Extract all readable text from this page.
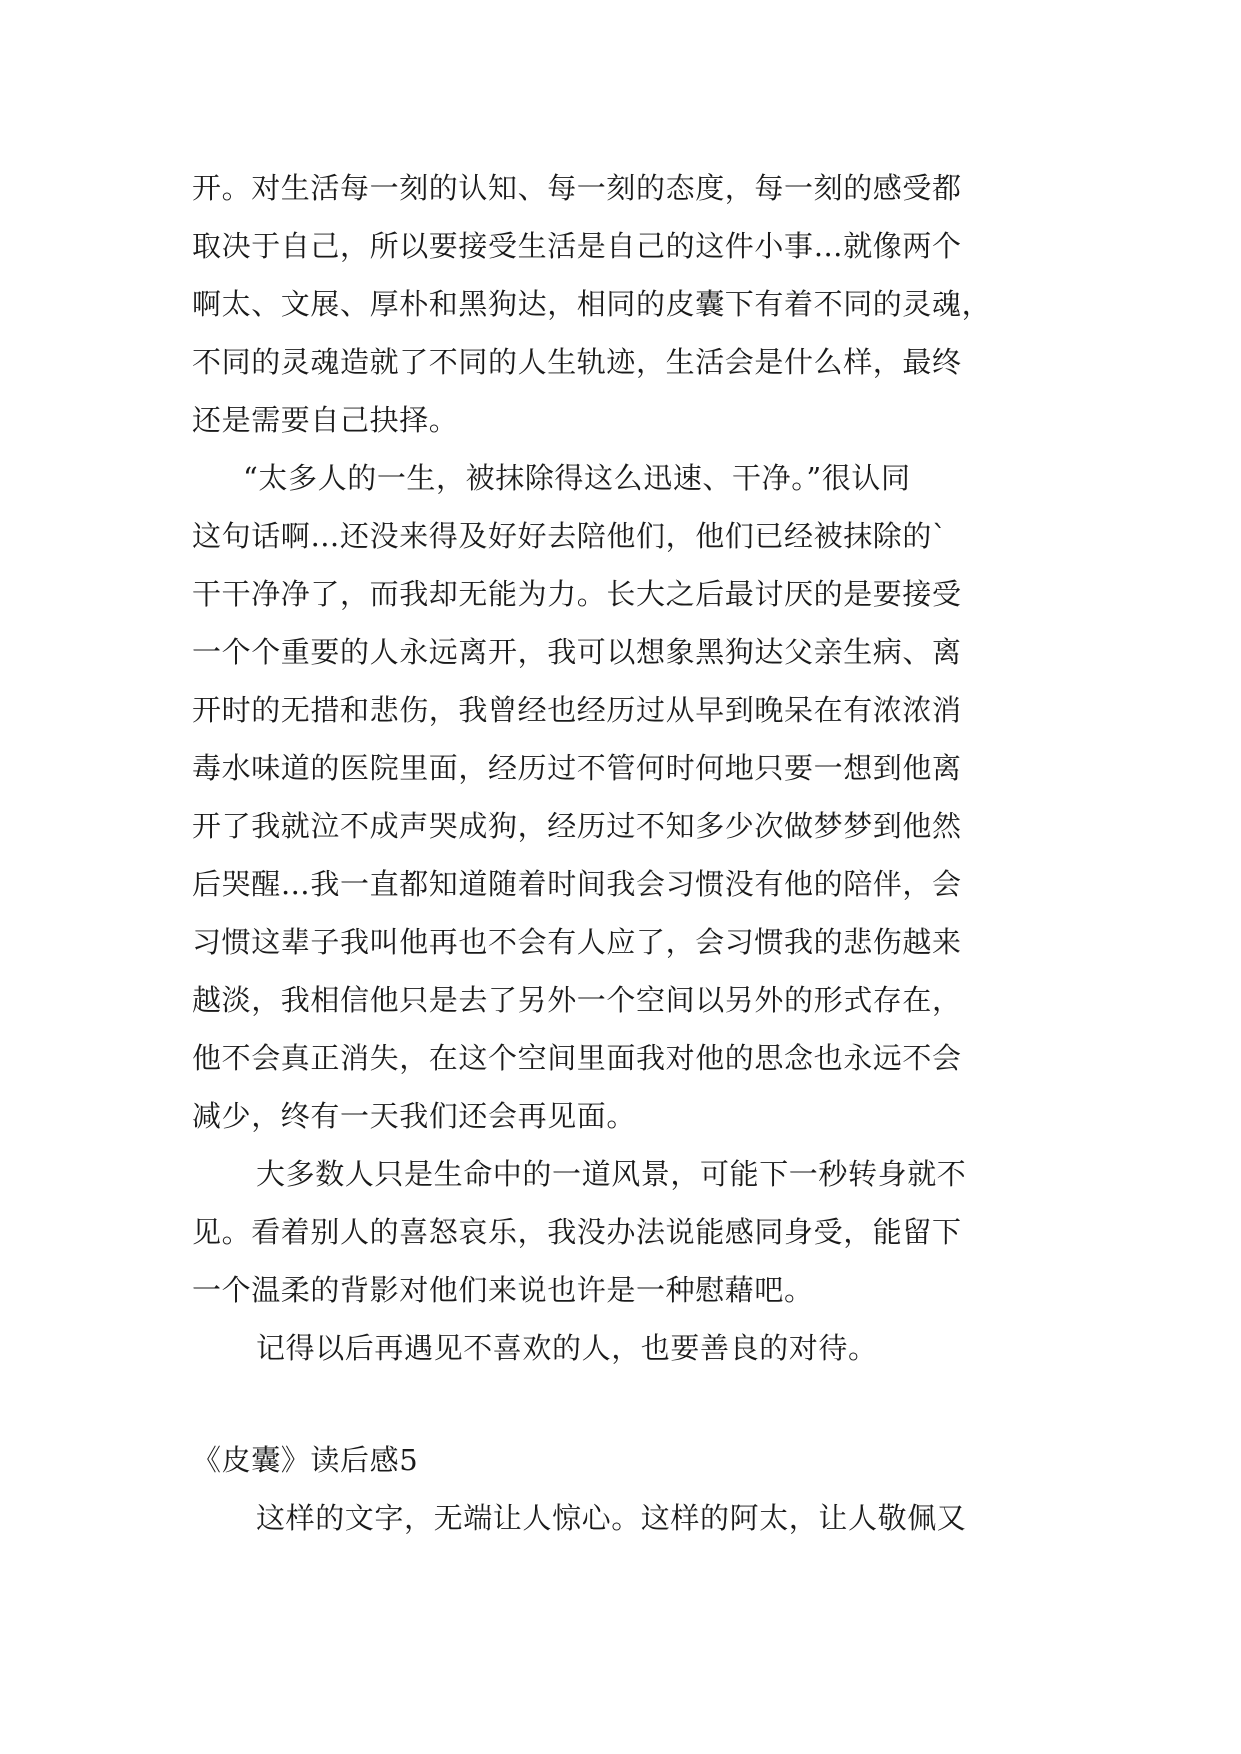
开。对生活每一刻的认知、每一刻的态度，每一刻的感受都
取决于自己，所以要接受生活是自己的这件小事…就像两个
啊太、文展、厚朴和黑狗达，相同的皮囊下有着不同的灵魂，
不同的灵魂造就了不同的人生轨迹，生活会是什么样，最终
还是需要自己抉择。
“太多人的一生，被抹除得这么迅速、干净。”很认同
这句话啊…还没来得及好好去陪他们，他们已经被抹除的`
干干净净了，而我却无能为力。长大之后最讨厌的是要接受
一个个重要的人永远离开，我可以想象黑狗达父亲生病、离
开时的无措和悲伤，我曾经也经历过从早到晚呆在有浓浓消
毒水味道的医院里面，经历过不管何时何地只要一想到他离
开了我就泣不成声哭成狗，经历过不知多少次做梦梦到他然
后哭醒…我一直都知道随着时间我会习惯没有他的陪伴，会
习惯这辈子我叫他再也不会有人应了，会习惯我的悲伤越来
越淡，我相信他只是去了另外一个空间以另外的形式存在，
他不会真正消失，在这个空间里面我对他的思念也永远不会
减少，终有一天我们还会再见面。
大多数人只是生命中的一道风景，可能下一秒转身就不
见。看着别人的喜怒哀乐，我没办法说能感同身受，能留下
一个温柔的背影对他们来说也许是一种慰藉吧。
记得以后再遇见不喜欢的人，也要善良的对待。
《皮囊》读后感5
这样的文字，无端让人惊心。这样的阿太，让人敬佩又
